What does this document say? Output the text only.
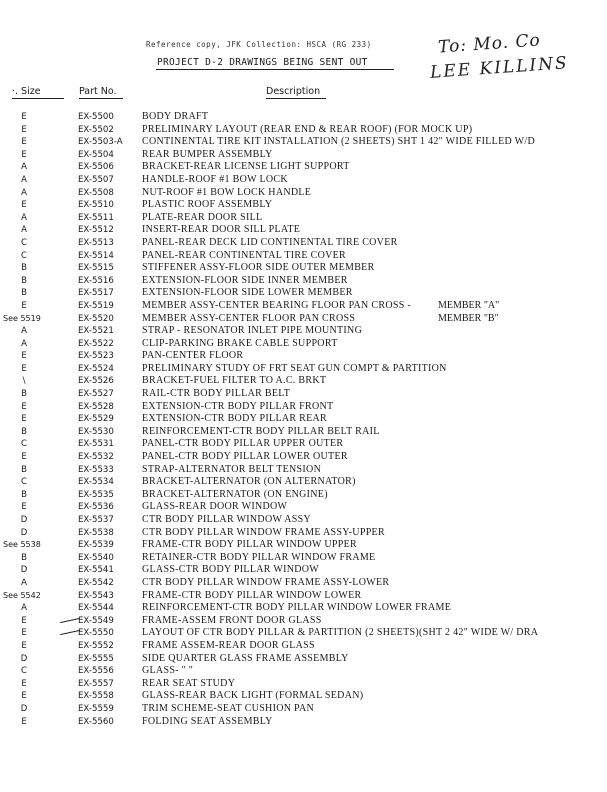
Reference copy, JFK Collection: HSCA (RG 233)
PROJECT D-2 DRAWINGS BEING SENT OUT
To: Mo. Co
LEE KILLINS
·. Size	Part No.	Description
E	EX-5500	BODY DRAFT
E	EX-5502	PRELIMINARY LAYOUT (REAR END & REAR ROOF) (FOR MOCK UP)
E	EX-5503-A CONTINENTAL TIRE KIT INSTALLATION (2 SHEETS) SHT 1 42" WIDE FILLED W/D
E	EX-5504	REAR BUMPER ASSEMBLY
A	EX-5506	BRACKET-REAR LICENSE LIGHT SUPPORT
A	EX-5507	HANDLE-ROOF #1 BOW LOCK
A	EX-5508	NUT-ROOF #1 BOW LOCK HANDLE
E	EX-5510	PLASTIC ROOF ASSEMBLY
A	EX-5511	PLATE-REAR DOOR SILL
A	EX-5512	INSERT-REAR DOOR SILL PLATE
C	EX-5513	PANEL-REAR DECK LID CONTINENTAL TIRE COVER
C	EX-5514	PANEL-REAR CONTINENTAL TIRE COVER
B	EX-5515	STIFFENER ASSY-FLOOR SIDE OUTER MEMBER
B	EX-5516	EXTENSION-FLOOR SIDE INNER MEMBER
B	EX-5517	EXTENSION-FLOOR SIDE LOWER MEMBER
E	EX-5519	MEMBER ASSY-CENTER BEARING FLOOR PAN CROSS -	MEMBER "A"
See 5519	EX-5520	MEMBER ASSY-CENTER FLOOR PAN CROSS	MEMBER "B"
A	EX-5521	STRAP - RESONATOR INLET PIPE MOUNTING
A	EX-5522	CLIP-PARKING BRAKE CABLE SUPPORT
E	EX-5523	PAN-CENTER FLOOR
E	EX-5524	PRELIMINARY STUDY OF FRT SEAT GUN COMPT & PARTITION
\	EX-5526	BRACKET-FUEL FILTER TO A.C. BRKT
B	EX-5527	RAIL-CTR BODY PILLAR BELT
E	EX-5528	EXTENSION-CTR BODY PILLAR FRONT
E	EX-5529	EXTENSION-CTR BODY PILLAR REAR
B	EX-5530	REINFORCEMENT-CTR BODY PILLAR BELT RAIL
C	EX-5531	PANEL-CTR BODY PILLAR UPPER OUTER
E	EX-5532	PANEL-CTR BODY PILLAR LOWER OUTER
B	EX-5533	STRAP-ALTERNATOR BELT TENSION
C	EX-5534	BRACKET-ALTERNATOR (ON ALTERNATOR)
B	EX-5535	BRACKET-ALTERNATOR (ON ENGINE)
E	EX-5536	GLASS-REAR DOOR WINDOW
D	EX-5537	CTR BODY PILLAR WINDOW ASSY
D	EX-5538	CTR BODY PILLAR WINDOW FRAME ASSY-UPPER
See 5538	EX-5539	FRAME-CTR BODY PILLAR WINDOW UPPER
B	EX-5540	RETAINER-CTR BODY PILLAR WINDOW FRAME
D	EX-5541	GLASS-CTR BODY PILLAR WINDOW
A	EX-5542	CTR BODY PILLAR WINDOW FRAME ASSY-LOWER
See 5542	EX-5543	FRAME-CTR BODY PILLAR WINDOW LOWER
A	EX-5544	REINFORCEMENT-CTR BODY PILLAR WINDOW LOWER FRAME
E	EX-5549	FRAME-ASSEM FRONT DOOR GLASS
E	EX-5550	LAYOUT OF CTR BODY PILLAR & PARTITION (2 SHEETS)(SHT 2 42" WIDE W/ DRA
E	EX-5552	FRAME ASSEM-REAR DOOR GLASS
D	EX-5555	SIDE QUARTER GLASS FRAME ASSEMBLY
C	EX-5556	GLASS- " "
E	EX-5557	REAR SEAT STUDY
E	EX-5558	GLASS-REAR BACK LIGHT (FORMAL SEDAN)
D	EX-5559	TRIM SCHEME-SEAT CUSHION PAN
E	EX-5560	FOLDING SEAT ASSEMBLY
